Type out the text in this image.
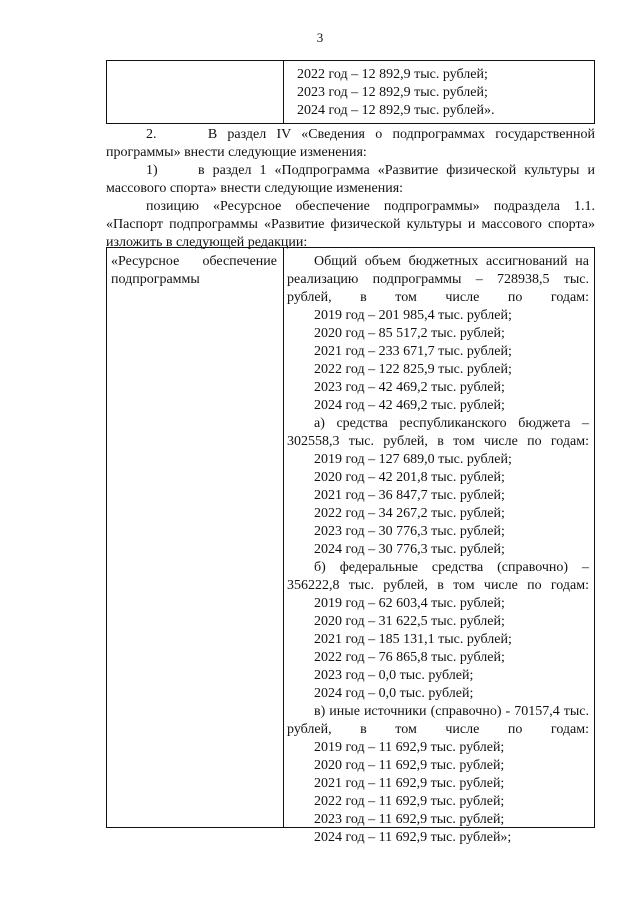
3
2022 год – 12 892,9 тыс. рублей;
2023 год – 12 892,9 тыс. рублей;
2024 год – 12 892,9 тыс. рублей».

2.     В раздел IV «Сведения о подпрограммах государственной программы» внести следующие изменения:

1)     в раздел 1 «Подпрограмма «Развитие физической культуры и массового спорта» внести следующие изменения:

позицию «Ресурсное обеспечение подпрограммы» подраздела 1.1. «Паспорт подпрограммы «Развитие физической культуры и массового спорта» изложить в следующей редакции:

«Ресурсное обеспечение подпрограммы
Общий объем бюджетных ассигнований на реализацию подпрограммы – 728938,5 тыс. рублей, в том числе по годам:
2019 год – 201 985,4 тыс. рублей;
2020 год – 85 517,2 тыс. рублей;
2021 год – 233 671,7 тыс. рублей;
2022 год – 122 825,9 тыс. рублей;
2023 год – 42 469,2 тыс. рублей;
2024 год – 42 469,2 тыс. рублей;
а) средства республиканского бюджета – 302558,3 тыс. рублей, в том числе по годам:
2019 год – 127 689,0 тыс. рублей;
2020 год – 42 201,8 тыс. рублей;
2021 год – 36 847,7 тыс. рублей;
2022 год – 34 267,2 тыс. рублей;
2023 год – 30 776,3 тыс. рублей;
2024 год – 30 776,3 тыс. рублей;
б) федеральные средства (справочно) – 356222,8 тыс. рублей, в том числе по годам:
2019 год – 62 603,4 тыс. рублей;
2020 год – 31 622,5 тыс. рублей;
2021 год – 185 131,1 тыс. рублей;
2022 год – 76 865,8 тыс. рублей;
2023 год – 0,0 тыс. рублей;
2024 год – 0,0 тыс. рублей;
в) иные источники (справочно) - 70157,4 тыс. рублей, в том числе по годам:
2019 год – 11 692,9 тыс. рублей;
2020 год – 11 692,9 тыс. рублей;
2021 год – 11 692,9 тыс. рублей;
2022 год – 11 692,9 тыс. рублей;
2023 год – 11 692,9 тыс. рублей;
2024 год – 11 692,9 тыс. рублей»;
